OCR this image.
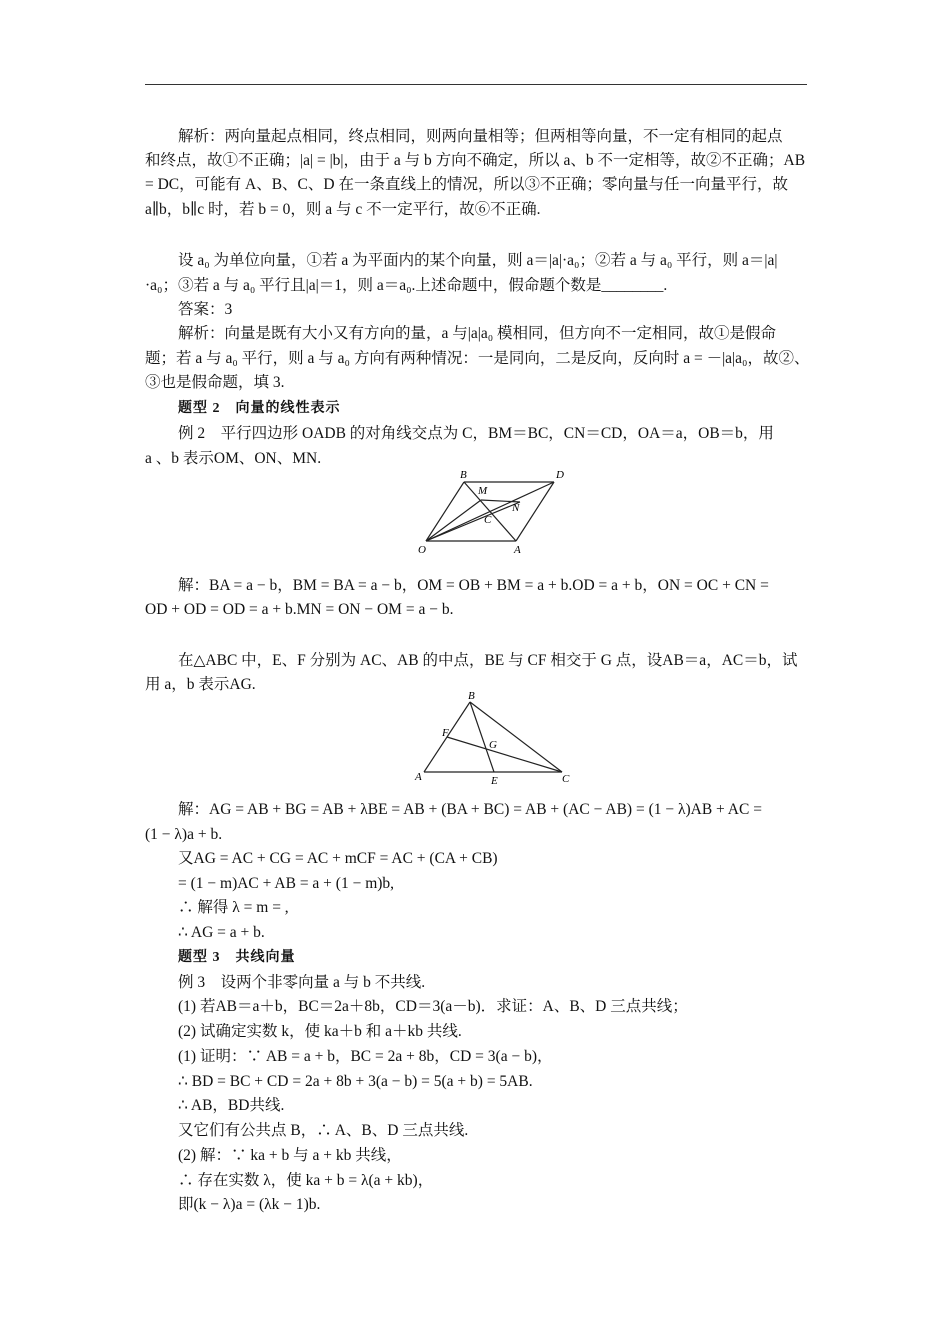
解析：两向量起点相同，终点相同，则两向量相等；但两相等向量，不一定有相同的起点
和终点，故①不正确；|a| = |b|，由于 a 与 b 方向不确定，所以 a、b 不一定相等，故②不正确；AB
= DC，可能有 A、B、C、D 在一条直线上的情况，所以③不正确；零向量与任一向量平行，故
a∥b，b∥c 时，若 b = 0，则 a 与 c 不一定平行，故⑥不正确.
设 a₀ 为单位向量，①若 a 为平面内的某个向量，则 a＝|a|·a₀；②若 a 与 a₀ 平行，则 a＝|a|
·a₀；③若 a 与 a₀ 平行且|a|＝1，则 a＝a₀.上述命题中，假命题个数是________.
答案：3
解析：向量是既有大小又有方向的量，a 与|a|a₀ 模相同，但方向不一定相同，故①是假命
题；若 a 与 a₀ 平行，则 a 与 a₀ 方向有两种情况：一是同向，二是反向，反向时 a = －|a|a₀，故②、
③也是假命题，填 3.
题型 2　向量的线性表示
例 2　平行四边形 OADB 的对角线交点为 C，BM＝BC，CN＝CD，OA＝a，OB＝b，用
a 、b 表示OM、ON、MN.
B	D
M
N
C
O	A
解：BA = a − b，BM = BA = a − b，OM = OB + BM = a + b.OD = a + b，ON = OC + CN =
OD + OD = OD = a + b.MN = ON − OM = a − b.
在△ABC 中，E、F 分别为 AC、AB 的中点，BE 与 CF 相交于 G 点，设AB＝a，AC＝b，试
用 a，b 表示AG.
B
F
G
A	E	C
解：AG = AB + BG = AB + λBE = AB + (BA + BC) = AB + (AC − AB) = (1 − λ)AB + AC =
(1 − λ)a + b.
又AG = AC + CG = AC + mCF = AC + (CA + CB)
= (1 − m)AC + AB = a + (1 − m)b,
∴ 解得 λ = m = ,
∴ AG = a + b.
题型 3　共线向量
例 3　设两个非零向量 a 与 b 不共线.
(1) 若AB＝a＋b，BC＝2a＋8b，CD＝3(a－b)．求证：A、B、D 三点共线；
(2) 试确定实数 k，使 ka＋b 和 a＋kb 共线.
(1) 证明：∵ AB = a + b，BC = 2a + 8b，CD = 3(a − b)，
∴ BD = BC + CD = 2a + 8b + 3(a − b) = 5(a + b) = 5AB.
∴ AB，BD共线.
又它们有公共点 B，∴ A、B、D 三点共线.
(2) 解：∵ ka + b 与 a + kb 共线，
∴ 存在实数 λ，使 ka + b = λ(a + kb)，
即(k − λ)a = (λk − 1)b.
